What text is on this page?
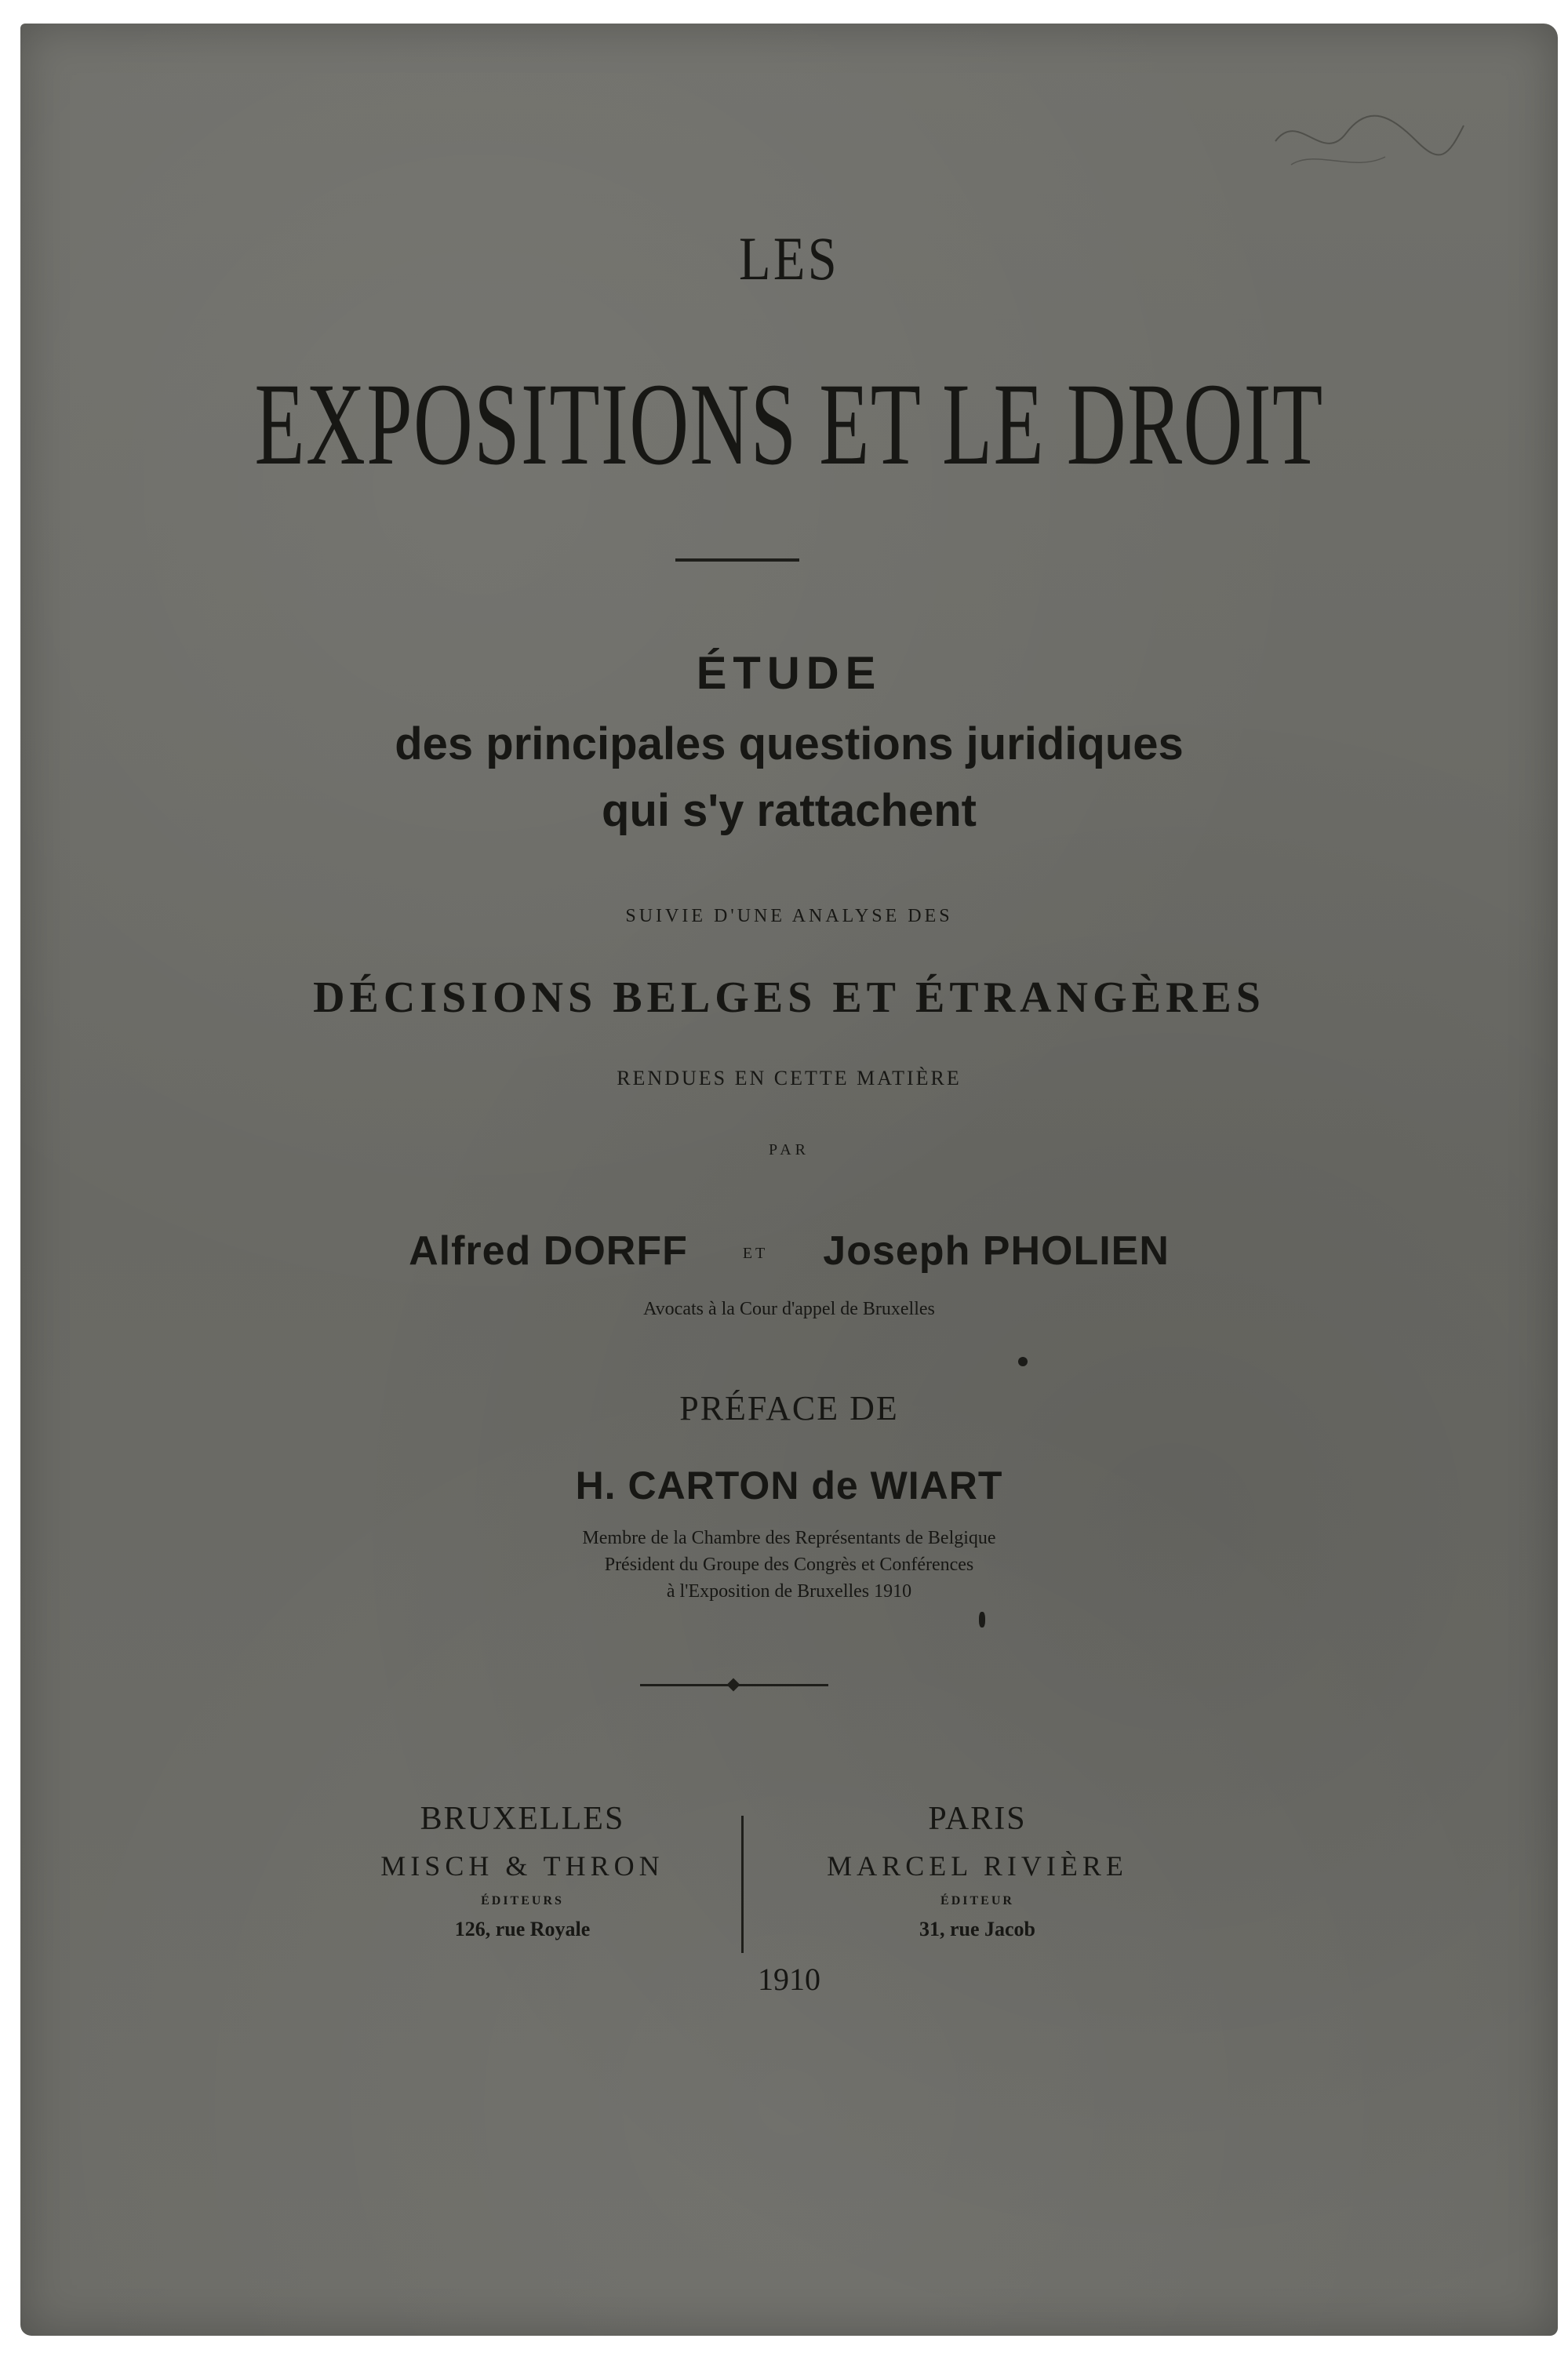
LES
EXPOSITIONS ET LE DROIT
ÉTUDE
des principales questions juridiques
qui s'y rattachent
SUIVIE D'UNE ANALYSE DES
DÉCISIONS BELGES ET ÉTRANGÈRES
RENDUES EN CETTE MATIÈRE
PAR
Alfred DORFF	ET Joseph PHOLIEN
Avocats à la Cour d'appel de Bruxelles
PRÉFACE DE
H. CARTON de WIART
Membre de la Chambre des Représentants de Belgique
Président du Groupe des Congrès et Conférences
à l'Exposition de Bruxelles 1910
BRUXELLES
MISCH & THRON
ÉDITEURS
126, rue Royale
PARIS
MARCEL RIVIÈRE
ÉDITEUR
31, rue Jacob
1910
